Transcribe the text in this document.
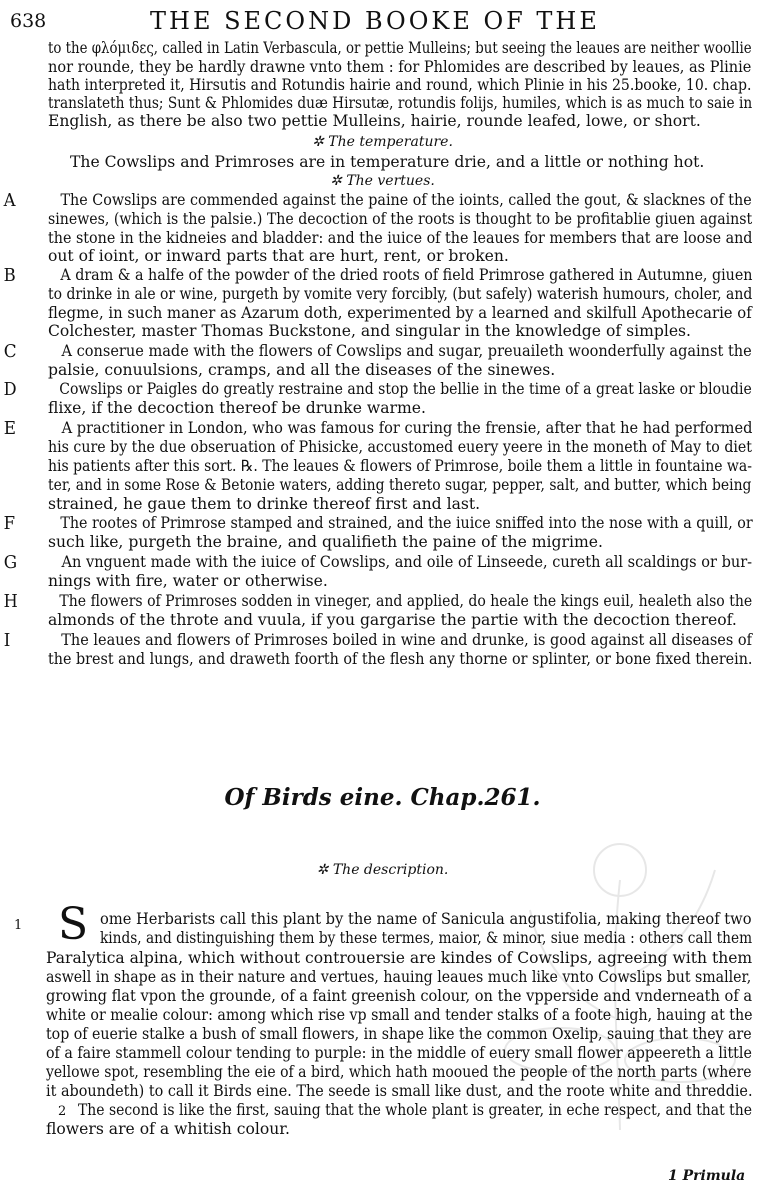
638	THE SECOND BOOKE OF THE
to the φλόμιδες, called in Latin Verbascula, or pettie Mulleins; but seeing the leaues are neither woollie
nor rounde, they be hardly drawne vnto them : for Phlomides are described by leaues, as Plinie
hath interpreted it, Hirsutis and Rotundis hairie and round, which Plinie in his 25.booke, 10. chap.
translateth thus; Sunt & Phlomides duæ Hirsutæ, rotundis folijs, humiles, which is as much to saie in
English, as there be also two pettie Mulleins, hairie, rounde leafed, lowe, or short.
✲ The temperature.
The Cowslips and Primroses are in temperature drie, and a little or nothing hot.
✲ The vertues.
A	The Cowslips are commended against the paine of the ioints, called the gout, & slacknes of the
sinewes, (which is the palsie.) The decoction of the roots is thought to be profitablie giuen against
the stone in the kidneies and bladder: and the iuice of the leaues for members that are loose and
out of ioint, or inward parts that are hurt, rent, or broken.
B	A dram & a halfe of the powder of the dried roots of field Primrose gathered in Autumne, giuen
to drinke in ale or wine, purgeth by vomite very forcibly, (but safely) waterish humours, choler, and
flegme, in such maner as Azarum doth, experimented by a learned and skilfull Apothecarie of
Colchester, master Thomas Buckstone, and singular in the knowledge of simples.
C	A conserue made with the flowers of Cowslips and sugar, preuaileth woonderfully against the
palsie, conuulsions, cramps, and all the diseases of the sinewes.
D	Cowslips or Paigles do greatly restraine and stop the bellie in the time of a great laske or bloudie
flixe, if the decoction thereof be drunke warme.
E	A practitioner in London, who was famous for curing the frensie, after that he had performed
his cure by the due obseruation of Phisicke, accustomed euery yeere in the moneth of May to diet
his patients after this sort. ℞. The leaues & flowers of Primrose, boile them a little in fountaine wa-
ter, and in some Rose & Betonie waters, adding thereto sugar, pepper, salt, and butter, which being
strained, he gaue them to drinke thereof first and last.
F	The rootes of Primrose stamped and strained, and the iuice sniffed into the nose with a quill, or
such like, purgeth the braine, and qualifieth the paine of the migrime.
G	An vnguent made with the iuice of Cowslips, and oile of Linseede, cureth all scaldings or bur-
nings with fire, water or otherwise.
H	The flowers of Primroses sodden in vineger, and applied, do heale the kings euil, healeth also the
almonds of the throte and vuula, if you gargarise the partie with the decoction thereof.
I	The leaues and flowers of Primroses boiled in wine and drunke, is good against all diseases of
the brest and lungs, and draweth foorth of the flesh any thorne or splinter, or bone fixed therein.
Of Birds eine. Chap.261.
✲ The description.
1 S ome Herbarists call this plant by the name of Sanicula angustifolia, making thereof two
kinds, and distinguishing them by these termes, maior, & minor, siue media : others call them
Paralytica alpina, which without controuersie are kindes of Cowslips, agreeing with them
aswell in shape as in their nature and vertues, hauing leaues much like vnto Cowslips but smaller,
growing flat vpon the grounde, of a faint greenish colour, on the vpperside and vnderneath of a
white or mealie colour: among which rise vp small and tender stalks of a foote high, hauing at the
top of euerie stalke a bush of small flowers, in shape like the common Oxelip, sauing that they are
of a faire stammell colour tending to purple: in the middle of euery small flower appeereth a little
yellowe spot, resembling the eie of a bird, which hath mooued the people of the north parts (where
it aboundeth) to call it Birds eine. The seede is small like dust, and the roote white and threddie.
2 The second is like the first, sauing that the whole plant is greater, in eche respect, and that the
flowers are of a whitish colour.
1 Primula
